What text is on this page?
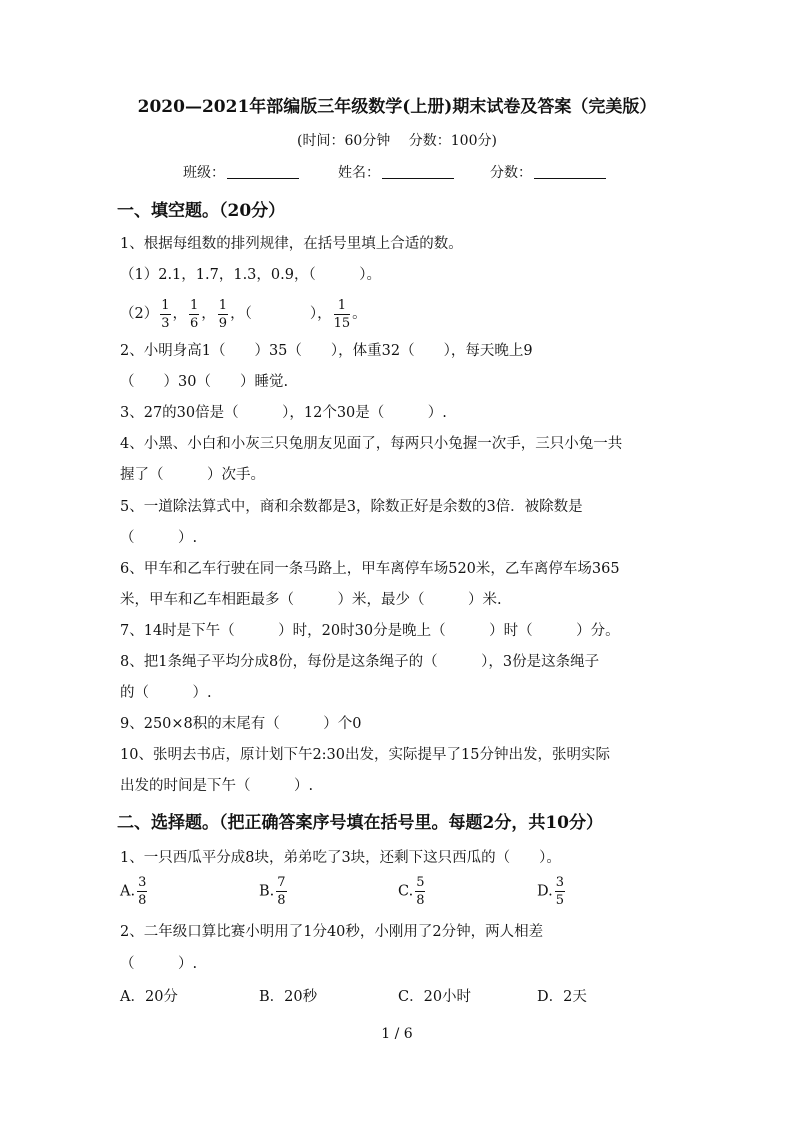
2020—2021年部编版三年级数学(上册)期末试卷及答案（完美版）
(时间：60分钟　 分数：100分)
班级：	姓名：	分数：
一、填空题。（20分）
1、根据每组数的排列规律，在括号里填上合适的数。
（1）2.1，1.7，1.3，0.9，（　　　）。
$(2) \frac{1}{3}$ ， $\frac{1}{6}$ ， $\frac{1}{9}$ ，（　　　　）， $\frac{1}{15}$ 。
2、小明身高1（　　）35（　　），体重32（　　），每天晚上9
（　　）30（　　）睡觉.
3、27的30倍是（　　　），12个30是（　　　）.
4、小黑、小白和小灰三只兔朋友见面了，每两只小兔握一次手，三只小兔一共
握了（　　　）次手。
5、一道除法算式中，商和余数都是3，除数正好是余数的3倍．被除数是
（　　　）.
6、甲车和乙车行驶在同一条马路上，甲车离停车场520米，乙车离停车场365
米，甲车和乙车相距最多（　　　）米，最少（　　　）米.
7、14时是下午（　　　）时，20时30分是晚上（　　　）时（　　　）分。
8、把1条绳子平均分成8份，每份是这条绳子的（　　　），3份是这条绳子
的（　　　）.
9、250×8积的末尾有（　　　）个0
10、张明去书店，原计划下午2:30出发，实际提早了15分钟出发，张明实际
出发的时间是下午（　　　）.
二、选择题。（把正确答案序号填在括号里。每题2分，共10分）
1、一只西瓜平分成8块，弟弟吃了3块，还剩下这只西瓜的（　　）。
A. $\frac{3}{8}$	B. $\frac{7}{8}$	C. $\frac{5}{8}$	D. $\frac{3}{5}$
2、二年级口算比赛小明用了1分40秒，小刚用了2分钟，两人相差
（　　　）.
A．20分	B．20秒	C．20小时	D．2天
1 / 6
